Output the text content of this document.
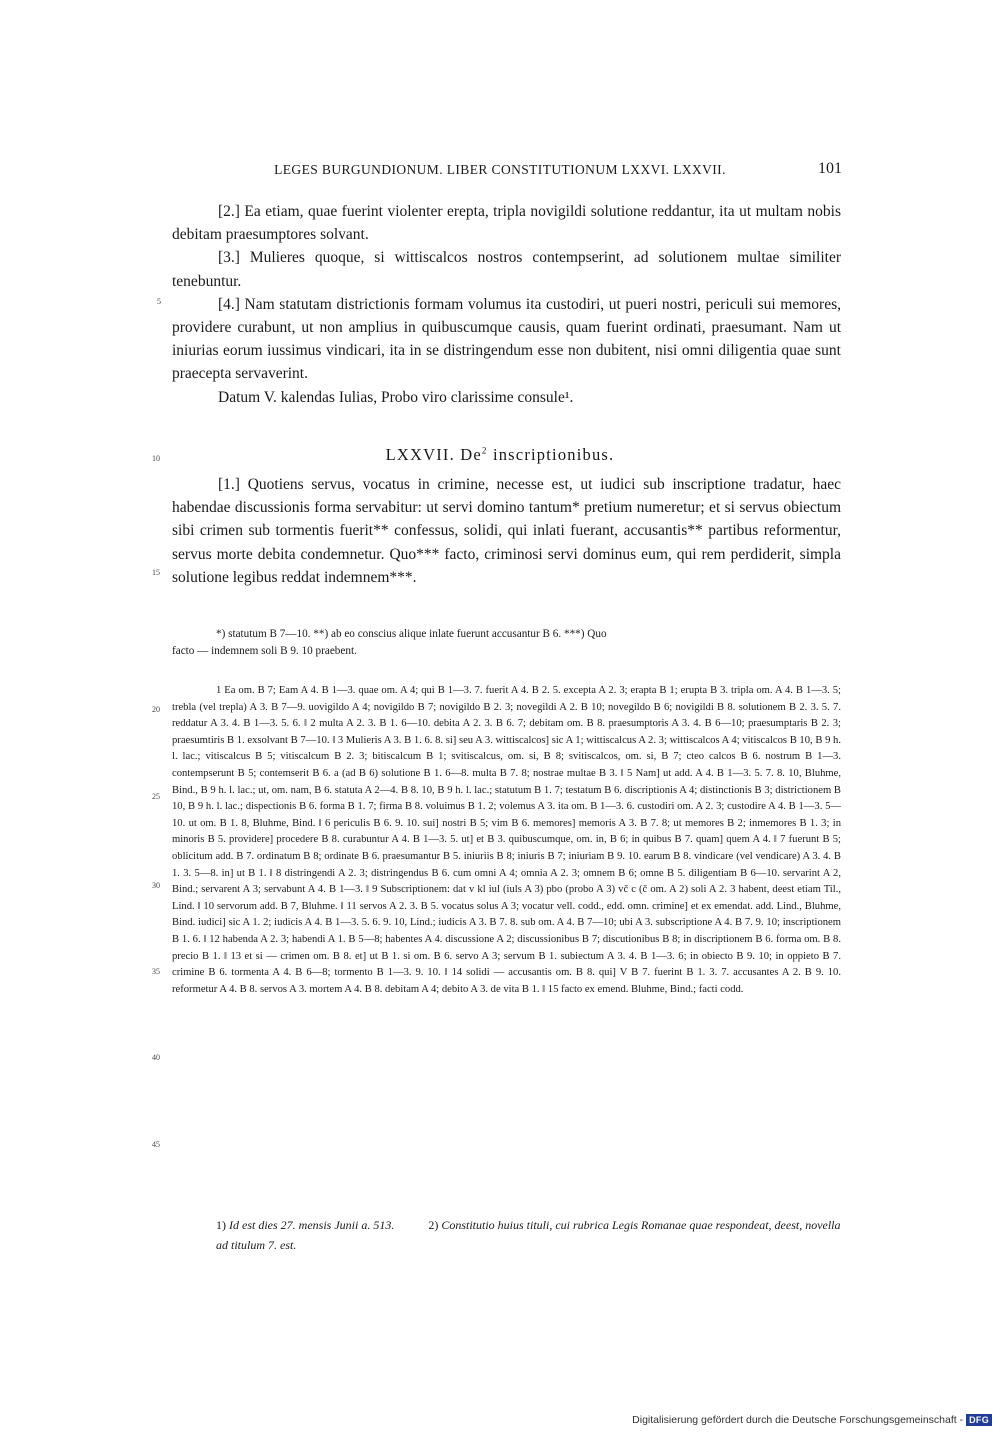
LEGES BURGUNDIONUM. LIBER CONSTITUTIONUM LXXVI. LXXVII.	101

[2.] Ea etiam, quae fuerint violenter erepta, tripla novigildi solutione reddantur, ita ut multam nobis debitam praesumptores solvant.

[3.] Mulieres quoque, si wittiscalcos nostros contempserint, ad solutionem multae similiter tenebuntur.

[4.] Nam statutam districtionis formam volumus ita custodiri, ut pueri nostri, periculi sui memores, providere curabunt, ut non amplius in quibuscumque causis, quam fuerint ordinati, praesumant. Nam ut iniurias eorum iussimus vindicari, ita in se distringendum esse non dubitent, nisi omni diligentia quae sunt praecepta servaverint.

Datum V. kalendas Iulias, Probo viro clarissime consule¹.

5
10
15
20
25
30
35
40
45
LXXVII. De$^2$ inscriptionibus.

[1.] Quotiens servus, vocatus in crimine, necesse est, ut iudici sub inscriptione tradatur, haec habendae discussionis forma servabitur: ut servi domino tantum* pretium numeretur; et si servus obiectum sibi crimen sub tormentis fuerit** confessus, solidi, qui inlati fuerant, accusantis** partibus reformentur, servus morte debita condemnetur. Quo*** facto, criminosi servi dominus eum, qui rem perdiderit, simpla solutione legibus reddat indemnem***.

*) statutum B 7—10. **) ab eo conscius alique inlate fuerunt accusantur B 6. ***) Quo
facto — indemnem soli B 9. 10 praebent.

1 Ea om. B 7; Eam A 4. B 1—3. quae om. A 4; qui B 1—3. 7. fuerit A 4. B 2. 5. excepta A 2. 3; erapta B 1; erupta B 3. tripla om. A 4. B 1—3. 5; trebla (vel trepla) A 3. B 7—9. uovigildo A 4; novigildo B 7; novigildo B 2. 3; novegildi A 2. B 10; novegildo B 6; novigildi B 8. solutionem B 2. 3. 5. 7. reddatur A 3. 4. B 1—3. 5. 6. ‖ 2 multa A 2. 3. B 1. 6—10. debita A 2. 3. B 6. 7; debitam om. B 8. praesumptoris A 3. 4. B 6—10; praesumptaris B 2. 3; praesumtiris B 1. exsolvant B 7—10. ‖ 3 Mulieris A 3. B 1. 6. 8. si] seu A 3. wittiscalcos] sic A 1; wittiscalcus A 2. 3; wittiscalcos A 4; vitiscalcos B 10, B 9 h. l. lac.; vitiscalcus B 5; vitiscalcum B 2. 3; bitiscalcum B 1; svitiscalcus, om. si, B 8; svitiscalcos, om. si, B 7; cteo calcos B 6. nostrum B 1—3. contempserunt B 5; contemserit B 6. a (ad B 6) solutione B 1. 6—8. multa B 7. 8; nostrae multae B 3. ‖ 5 Nam] ut add. A 4. B 1—3. 5. 7. 8. 10, Bluhme, Bind., B 9 h. l. lac.; ut, om. nam, B 6. statuta A 2—4. B 8. 10, B 9 h. l. lac.; statutum B 1. 7; testatum B 6. discriptionis A 4; distinctionis B 3; districtionem B 10, B 9 h. l. lac.; dispectionis B 6. forma B 1. 7; firma B 8. voluimus B 1. 2; volemus A 3. ita om. B 1—3. 6. custodiri om. A 2. 3; custodire A 4. B 1—3. 5—10. ut om. B 1. 8, Bluhme, Bind. ‖ 6 periculis B 6. 9. 10. sui] nostri B 5; vim B 6. memores] memoris A 3. B 7. 8; ut memores B 2; inmemores B 1. 3; in minoris B 5. providere] procedere B 8. curabuntur A 4. B 1—3. 5. ut] et B 3. quibuscumque, om. in, B 6; in quibus B 7. quam] quem A 4. ‖ 7 fuerunt B 5; oblicitum add. B 7. ordinatum B 8; ordinate B 6. praesumantur B 5. iniuriis B 8; iniuris B 7; iniuriam B 9. 10. earum B 8. vindicare (vel vendicare) A 3. 4. B 1. 3. 5—8. in] ut B 1. ‖ 8 distringendi A 2. 3; distringendus B 6. cum omni A 4; omnia A 2. 3; omnem B 6; omne B 5. diligentiam B 6—10. servarint A 2, Bind.; servarent A 3; servabunt A 4. B 1—3. ‖ 9 Subscriptionem: dat v kl iul (iuls A 3) pbo (probo A 3) vč c (č om. A 2) soli A 2. 3 habent, deest etiam Til., Lind. ‖ 10 servorum add. B 7, Bluhme. ‖ 11 servos A 2. 3. B 5. vocatus solus A 3; vocatur vell. codd., edd. omn. crimine] et ex emendat. add. Lind., Bluhme, Bind. iudici] sic A 1. 2; iudicis A 4. B 1—3. 5. 6. 9. 10, Lind.; iudicis A 3. B 7. 8. sub om. A 4. B 7—10; ubi A 3. subscriptione A 4. B 7. 9. 10; inscriptionem B 1. 6. ‖ 12 habenda A 2. 3; habendi A 1. B 5—8; habentes A 4. discussione A 2; discussionibus B 7; discutionibus B 8; in discriptionem B 6. forma om. B 8. precio B 1. ‖ 13 et si — crimen om. B 8. et] ut B 1. si om. B 6. servo A 3; servum B 1. subiectum A 3. 4. B 1—3. 6; in obiecto B 9. 10; in oppieto B 7. crimine B 6. tormenta A 4. B 6—8; tormento B 1—3. 9. 10. ‖ 14 solidi — accusantis om. B 8. qui] V B 7. fuerint B 1. 3. 7. accusantes A 2. B 9. 10. reformetur A 4. B 8. servos A 3. mortem A 4. B 8. debitam A 4; debito A 3. de vita B 1. ‖ 15 facto ex emend. Bluhme, Bind.; facti codd.

1) Id est dies 27. mensis Junii a. 513.	2) Constitutio huius tituli, cui rubrica Legis Romanae quae respondeat, deest, novella ad titulum 7. est.
Digitalisierung gefördert durch die Deutsche Forschungsgemeinschaft - DFG
